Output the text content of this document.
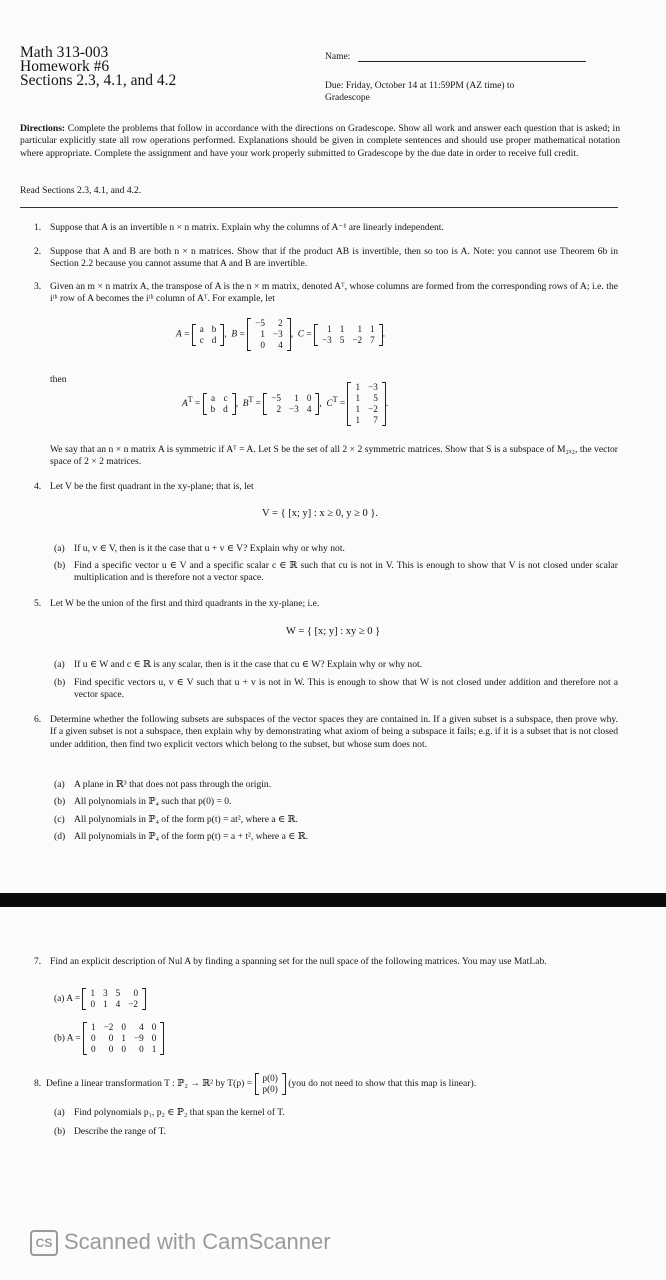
Math 313-003
Homework #6
Sections 2.3, 4.1, and 4.2
Name:
Due: Friday, October 14 at 11:59PM (AZ time) to
Gradescope
Directions: Complete the problems that follow in accordance with the directions on Gradescope. Show all work and answer each question that is asked; in particular explicitly state all row operations performed. Explanations should be given in complete sentences and should use proper mathematical notation where appropriate. Complete the assignment and have your work properly submitted to Gradescope by the due date in order to receive full credit.
Read Sections 2.3, 4.1, and 4.2.
1. Suppose that A is an invertible n × n matrix. Explain why the columns of A⁻¹ are linearly independent.
2. Suppose that A and B are both n × n matrices. Show that if the product AB is invertible, then so too is A. Note: you cannot use Theorem 6b in Section 2.2 because you cannot assume that A and B are invertible.
3. Given an m × n matrix A, the transpose of A is the n × m matrix, denoted Aᵀ, whose columns are formed from the corresponding rows of A; i.e. the iᵗʰ row of A becomes the iᵗʰ column of Aᵀ. For example, let
A =
a	b
c	d ,  B =
−5	2
1	−3
0	4
,  C =
1	1	1	1
−3	5	−2	7 .
then
$A^T$ =
a	c
b	d ,  $B^T$ =
−5	1	0
2	−3	4 ,  $C^T$ =
1	−3
1	5
1	−2
1	7
.
We say that an n × n matrix A is symmetric if Aᵀ = A. Let S be the set of all 2 × 2 symmetric matrices. Show that S is a subspace of M₂ₓ₂, the vector space of 2 × 2 matrices.
4. Let V be the first quadrant in the xy-plane; that is, let
V = { [x; y] : x ≥ 0, y ≥ 0 }.
(a) If u, v ∈ V, then is it the case that u + v ∈ V? Explain why or why not.
(b) Find a specific vector u ∈ V and a specific scalar c ∈ ℝ such that cu is not in V. This is enough to show that V is not closed under scalar multiplication and is therefore not a vector space.
5. Let W be the union of the first and third quadrants in the xy-plane; i.e.
W = { [x; y] : xy ≥ 0 }
(a) If u ∈ W and c ∈ ℝ is any scalar, then is it the case that cu ∈ W? Explain why or why not.
(b) Find specific vectors u, v ∈ V such that u + v is not in W. This is enough to show that W is not closed under addition and therefore not a vector space.
6. Determine whether the following subsets are subspaces of the vector spaces they are contained in. If a given subset is a subspace, then prove why. If a given subset is not a subspace, then explain why by demonstrating what axiom of being a subspace it fails; e.g. if it is a subset that is not closed under addition, then find two explicit vectors which belong to the subset, but whose sum does not.
(a) A plane in ℝ³ that does not pass through the origin.
(b) All polynomials in ℙ₄ such that p(0) = 0.
(c) All polynomials in ℙ₄ of the form p(t) = at², where a ∈ ℝ.
(d) All polynomials in ℙ₄ of the form p(t) = a + t², where a ∈ ℝ.
7. Find an explicit description of Nul A by finding a spanning set for the null space of the following matrices. You may use MatLab.
(a) A =
1	3	5	0
0	1	4	−2
(b) A =
1	−2	0	4	0
0	0	1	−9	0
0	0	0	0	1
8. Define a linear transformation T : ℙ₂ → ℝ² by T(p) =
p(0)
p(0) (you do not need to show that this map is linear).
(a) Find polynomials p₁, p₂ ∈ ℙ₂ that span the kernel of T.
(b) Describe the range of T.
CS Scanned with CamScanner
